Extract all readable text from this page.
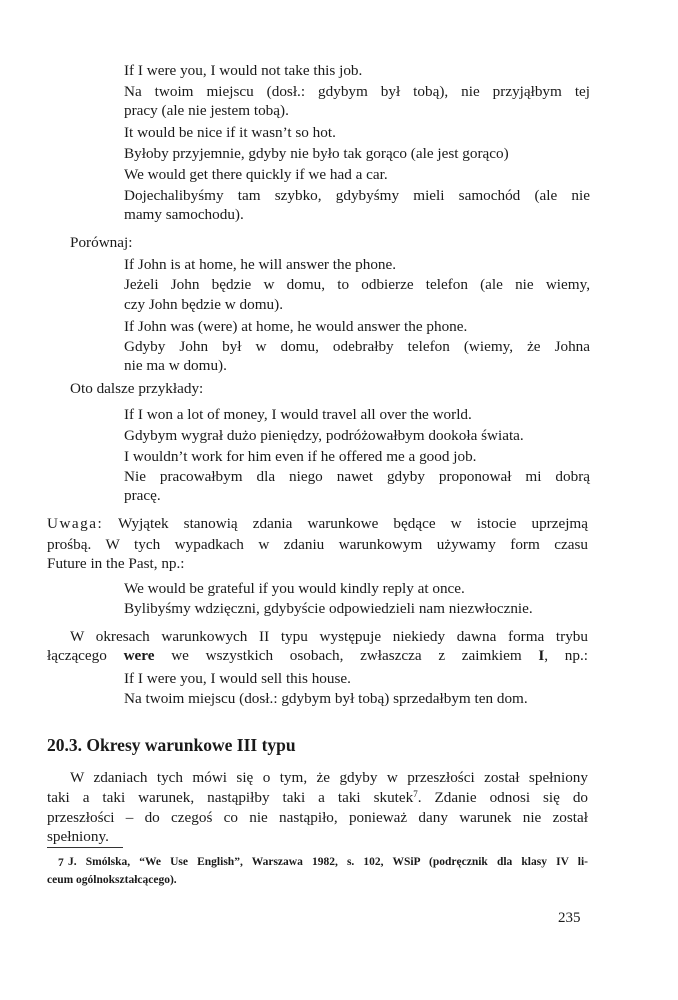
If I were you, I would not take this job.
Na twoim miejscu (dosł.: gdybym był tobą), nie przyjąłbym tej
pracy (ale nie jestem tobą).
It would be nice if it wasn’t so hot.
Byłoby przyjemnie, gdyby nie było tak gorąco (ale jest gorąco)
We would get there quickly if we had a car.
Dojechalibyśmy tam szybko, gdybyśmy mieli samochód (ale nie
mamy samochodu).
Porównaj:
If John is at home, he will answer the phone.
Jeżeli John będzie w domu, to odbierze telefon (ale nie wiemy,
czy John będzie w domu).
If John was (were) at home, he would answer the phone.
Gdyby John był w domu, odebrałby telefon (wiemy, że Johna
nie ma w domu).
Oto dalsze przykłady:
If I won a lot of money, I would travel all over the world.
Gdybym wygrał dużo pieniędzy, podróżowałbym dookoła świata.
I wouldn’t work for him even if he offered me a good job.
Nie pracowałbym dla niego nawet gdyby proponował mi dobrą
pracę.
Uwaga: Wyjątek stanowią zdania warunkowe będące w istocie uprzejmą
prośbą. W tych wypadkach w zdaniu warunkowym używamy form czasu
Future in the Past, np.:
We would be grateful if you would kindly reply at once.
Bylibyśmy wdzięczni, gdybyście odpowiedzieli nam niezwłocznie.
W okresach warunkowych II typu występuje niekiedy dawna forma trybu
łączącego were we wszystkich osobach, zwłaszcza z zaimkiem I, np.:
If I were you, I would sell this house.
Na twoim miejscu (dosł.: gdybym był tobą) sprzedałbym ten dom.
20.3. Okresy warunkowe III typu
W zdaniach tych mówi się o tym, że gdyby w przeszłości został spełniony
taki a taki warunek, nastąpiłby taki a taki skutek$^7$. Zdanie odnosi się do
przeszłości – do czegoś co nie nastąpiło, ponieważ dany warunek nie został
spełniony.
7 J. Smólska, “We Use English”, Warszawa 1982, s. 102, WSiP (podręcznik dla klasy IV li-
ceum ogólnokształcącego).
235
